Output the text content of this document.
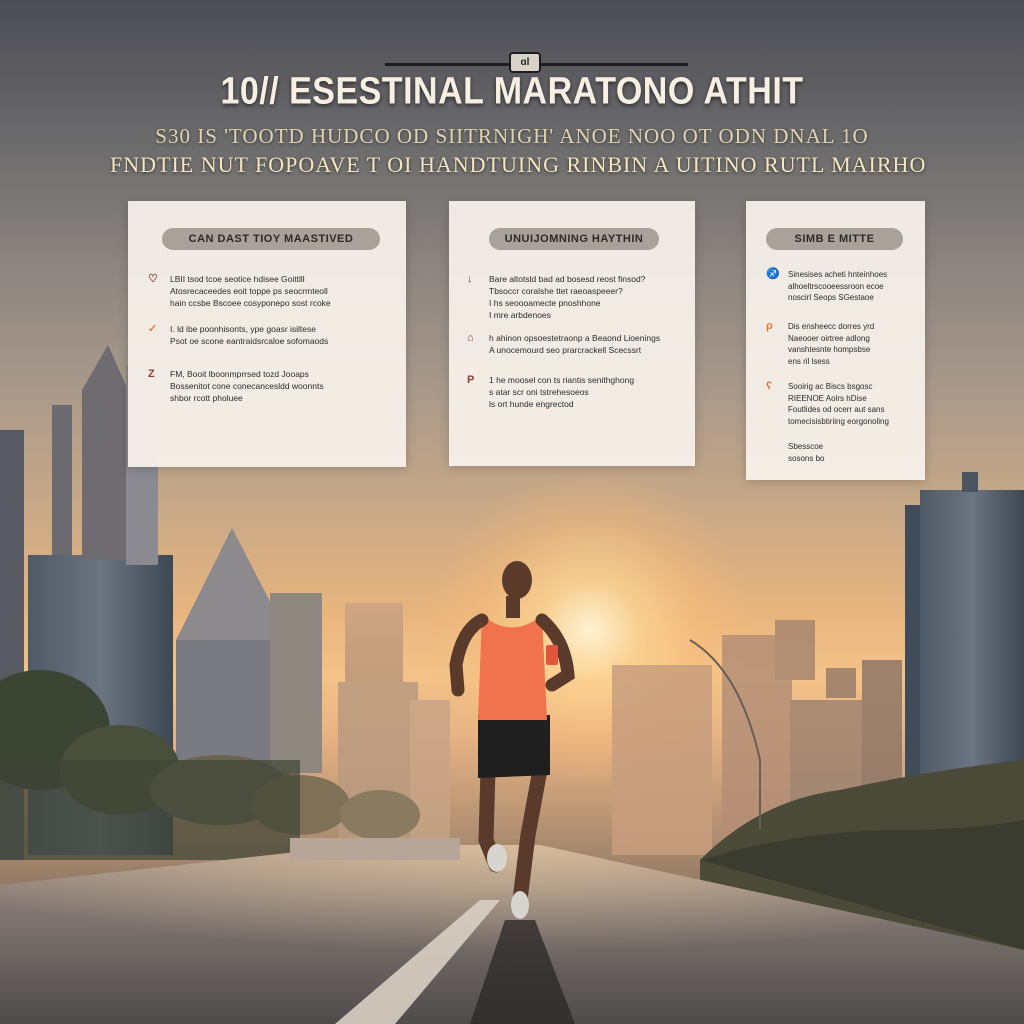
ɑl
10// ESESTINAL MARATONO ATHIT
S30 IS 'TOOTD HUDCO OD SIITRNIGH' ANOE NOO OT ODN DNAL 1O
FNDTIE NUT FOPOAVE T OI HANDTUING RINBIN A UITINO RUTL MAIRHO
CAN DAST TIOY MAASTIVED
♡ LBII tsod tcoe seotice hdisee Goittlll
Atosrecaceedes eoit toppe ps seocrmteoll
hain ccsbe Bscoee cosyponepo sost rcoke
✓ I. ld ibe poonhisonts, ype goasr isiltese
Psot oe scone eantraidsrcaloe sofomaods
Z FM, Booit lboonmprrsed tozd Jooaps
Bossenitot cone conecancesldd woonnts
shbor rcott pholuee
UNUIJOMNING HAYTHIN
↓ Bare altotsld bad ad bosesd reost finsod?
Tbsoccr coralshe ttet raeoaspeeer?
I hs seoooamecte pnoshhone
I mre arbdenoes
⌂ h ahinon opsoestetraonp a Beaond Lioenings
A unocemourd seo prarcrackell Scecssrt
P 1 he moosel con ts riantis senithghong
s atar scr oni tstrehesoeos
ls ort hunde engrectod
SIMB E MITTE
♐ Sinesises acheti hnteinhoes
alhoeltrscooeessroon ecoe
noscirl Seops SGestaoe
ρ Dis ensheecc dorres yrd
Naeooer oirtree adlong
vanshtesnte hompsbse
ens ril lsess
ʕ Sooirig ac Biscs bsgosc
RIEENOE Aolrs hDise
Foutlides od ocerr aut sans
tomecisisbtiriing eorgonoling
Sbesscoe
sosons bo
